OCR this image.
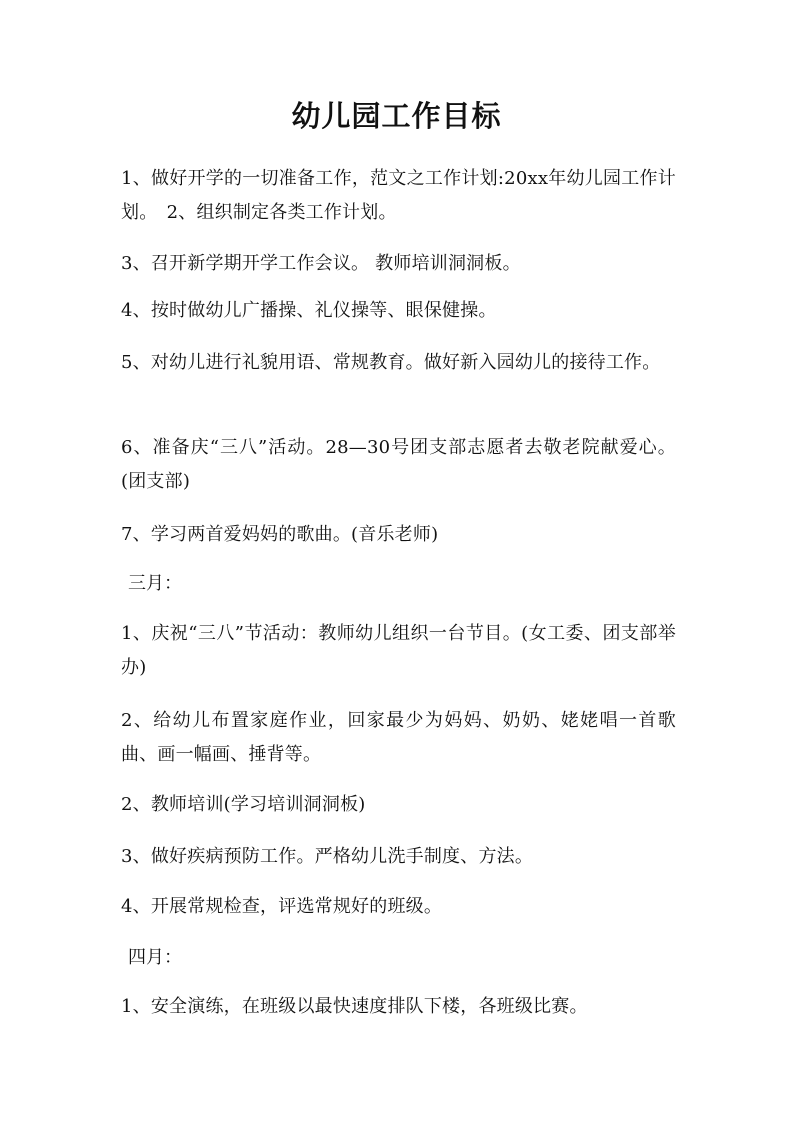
幼儿园工作目标

1、做好开学的一切准备工作，范文之工作计划:20xx年幼儿园工作计划。　2、组织制定各类工作计划。

3、召开新学期开学工作会议。 教师培训洞洞板。

4、按时做幼儿广播操、礼仪操等、眼保健操。

5、对幼儿进行礼貌用语、常规教育。做好新入园幼儿的接待工作。

6、准备庆“三八”活动。28—30号团支部志愿者去敬老院献爱心。(团支部)

7、学习两首爱妈妈的歌曲。(音乐老师)

三月：

1、庆祝“三八”节活动：教师幼儿组织一台节目。(女工委、团支部举办)

2、给幼儿布置家庭作业，回家最少为妈妈、奶奶、姥姥唱一首歌曲、画一幅画、捶背等。

2、教师培训(学习培训洞洞板)

3、做好疾病预防工作。严格幼儿洗手制度、方法。

4、开展常规检查，评选常规好的班级。

四月：

1、安全演练，在班级以最快速度排队下楼，各班级比赛。
